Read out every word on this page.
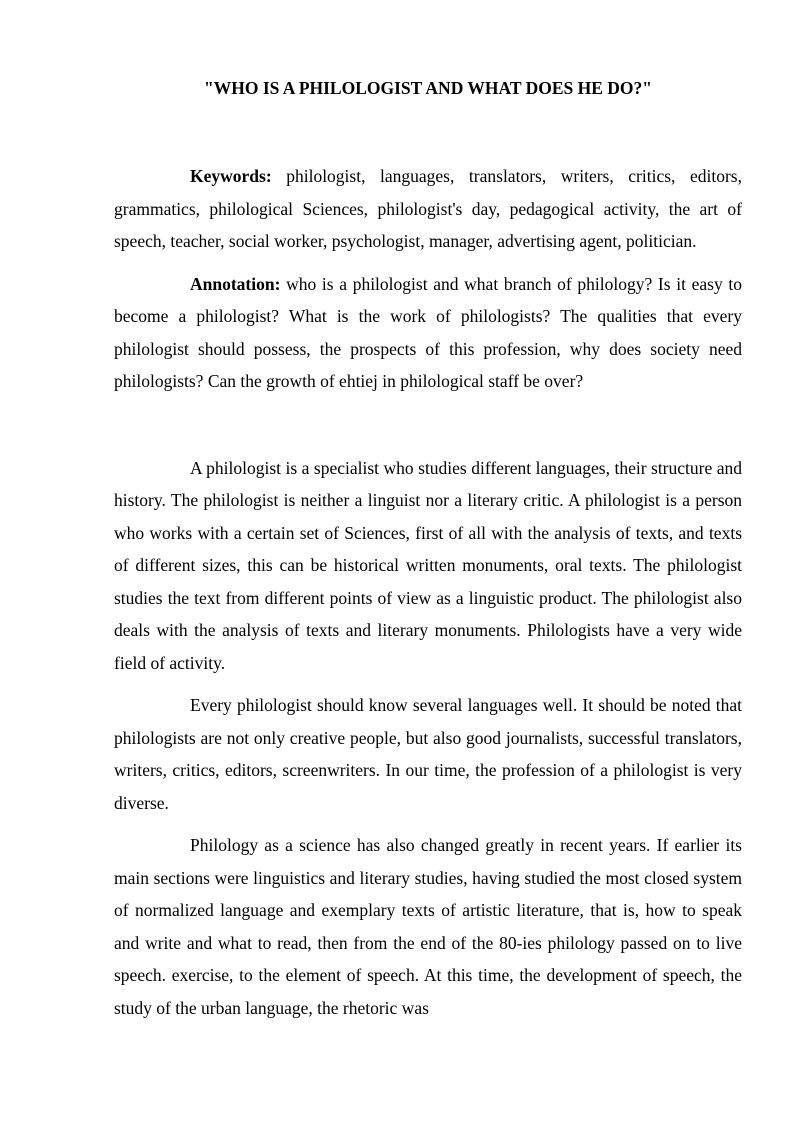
"WHO IS A PHILOLOGIST AND WHAT DOES HE DO?"

Keywords: philologist, languages, translators, writers, critics, editors, grammatics, philological Sciences, philologist's day, pedagogical activity, the art of speech, teacher, social worker, psychologist, manager, advertising agent, politician.

Annotation: who is a philologist and what branch of philology? Is it easy to become a philologist? What is the work of philologists? The qualities that every philologist should possess, the prospects of this profession, why does society need philologists? Can the growth of ehtiej in philological staff be over?

A philologist is a specialist who studies different languages, their structure and history. The philologist is neither a linguist nor a literary critic. A philologist is a person who works with a certain set of Sciences, first of all with the analysis of texts, and texts of different sizes, this can be historical written monuments, oral texts. The philologist studies the text from different points of view as a linguistic product. The philologist also deals with the analysis of texts and literary monuments. Philologists have a very wide field of activity.

Every philologist should know several languages well. It should be noted that philologists are not only creative people, but also good journalists, successful translators, writers, critics, editors, screenwriters. In our time, the profession of a philologist is very diverse.

Philology as a science has also changed greatly in recent years. If earlier its main sections were linguistics and literary studies, having studied the most closed system of normalized language and exemplary texts of artistic literature, that is, how to speak and write and what to read, then from the end of the 80-ies philology passed on to live speech. exercise, to the element of speech. At this time, the development of speech, the study of the urban language, the rhetoric was
